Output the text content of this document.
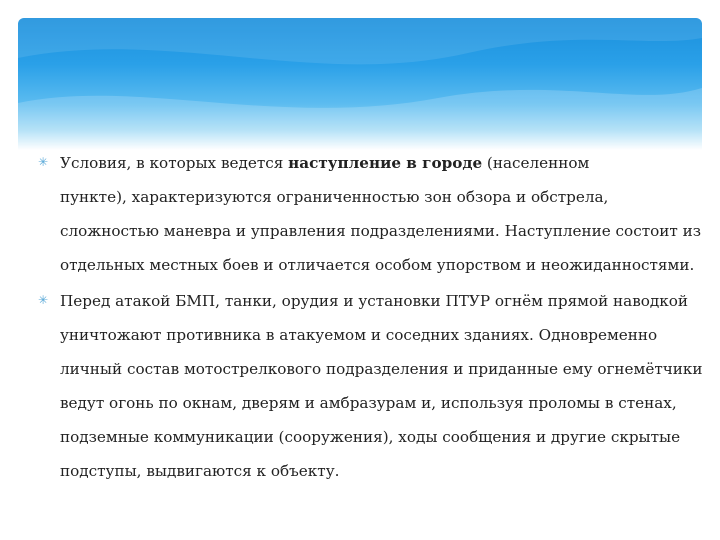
✳ Условия, в которых ведется наступление в городе (населенном
пункте), характеризуются ограниченностью зон обзора и обстрела,
сложностью маневра и управления подразделениями. Наступление состоит из
отдельных местных боев и отличается особом упорством и неожиданностями.
✳ Перед атакой БМП, танки, орудия и установки ПТУР огнём прямой наводкой
уничтожают противника в атакуемом и соседних зданиях. Одновременно
личный состав мотострелкового подразделения и приданные ему огнемётчики
ведут огонь по окнам, дверям и амбразурам и, используя проломы в стенах,
подземные коммуникации (сооружения), ходы сообщения и другие скрытые
подступы, выдвигаются к объекту.
